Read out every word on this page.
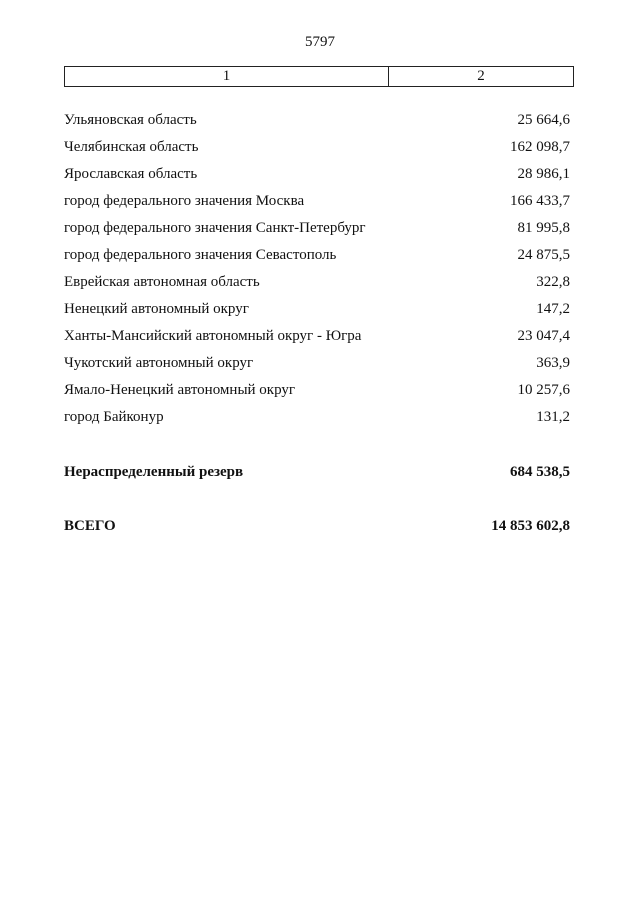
5797
1	2
Ульяновская область	25 664,6
Челябинская область	162 098,7
Ярославская область	28 986,1
город федерального значения Москва	166 433,7
город федерального значения Санкт-Петербург	81 995,8
город федерального значения Севастополь	24 875,5
Еврейская автономная область	322,8
Ненецкий автономный округ	147,2
Ханты-Мансийский автономный округ - Югра	23 047,4
Чукотский автономный округ	363,9
Ямало-Ненецкий автономный округ	10 257,6
город Байконур	131,2
Нераспределенный резерв	684 538,5
ВСЕГО	14 853 602,8
